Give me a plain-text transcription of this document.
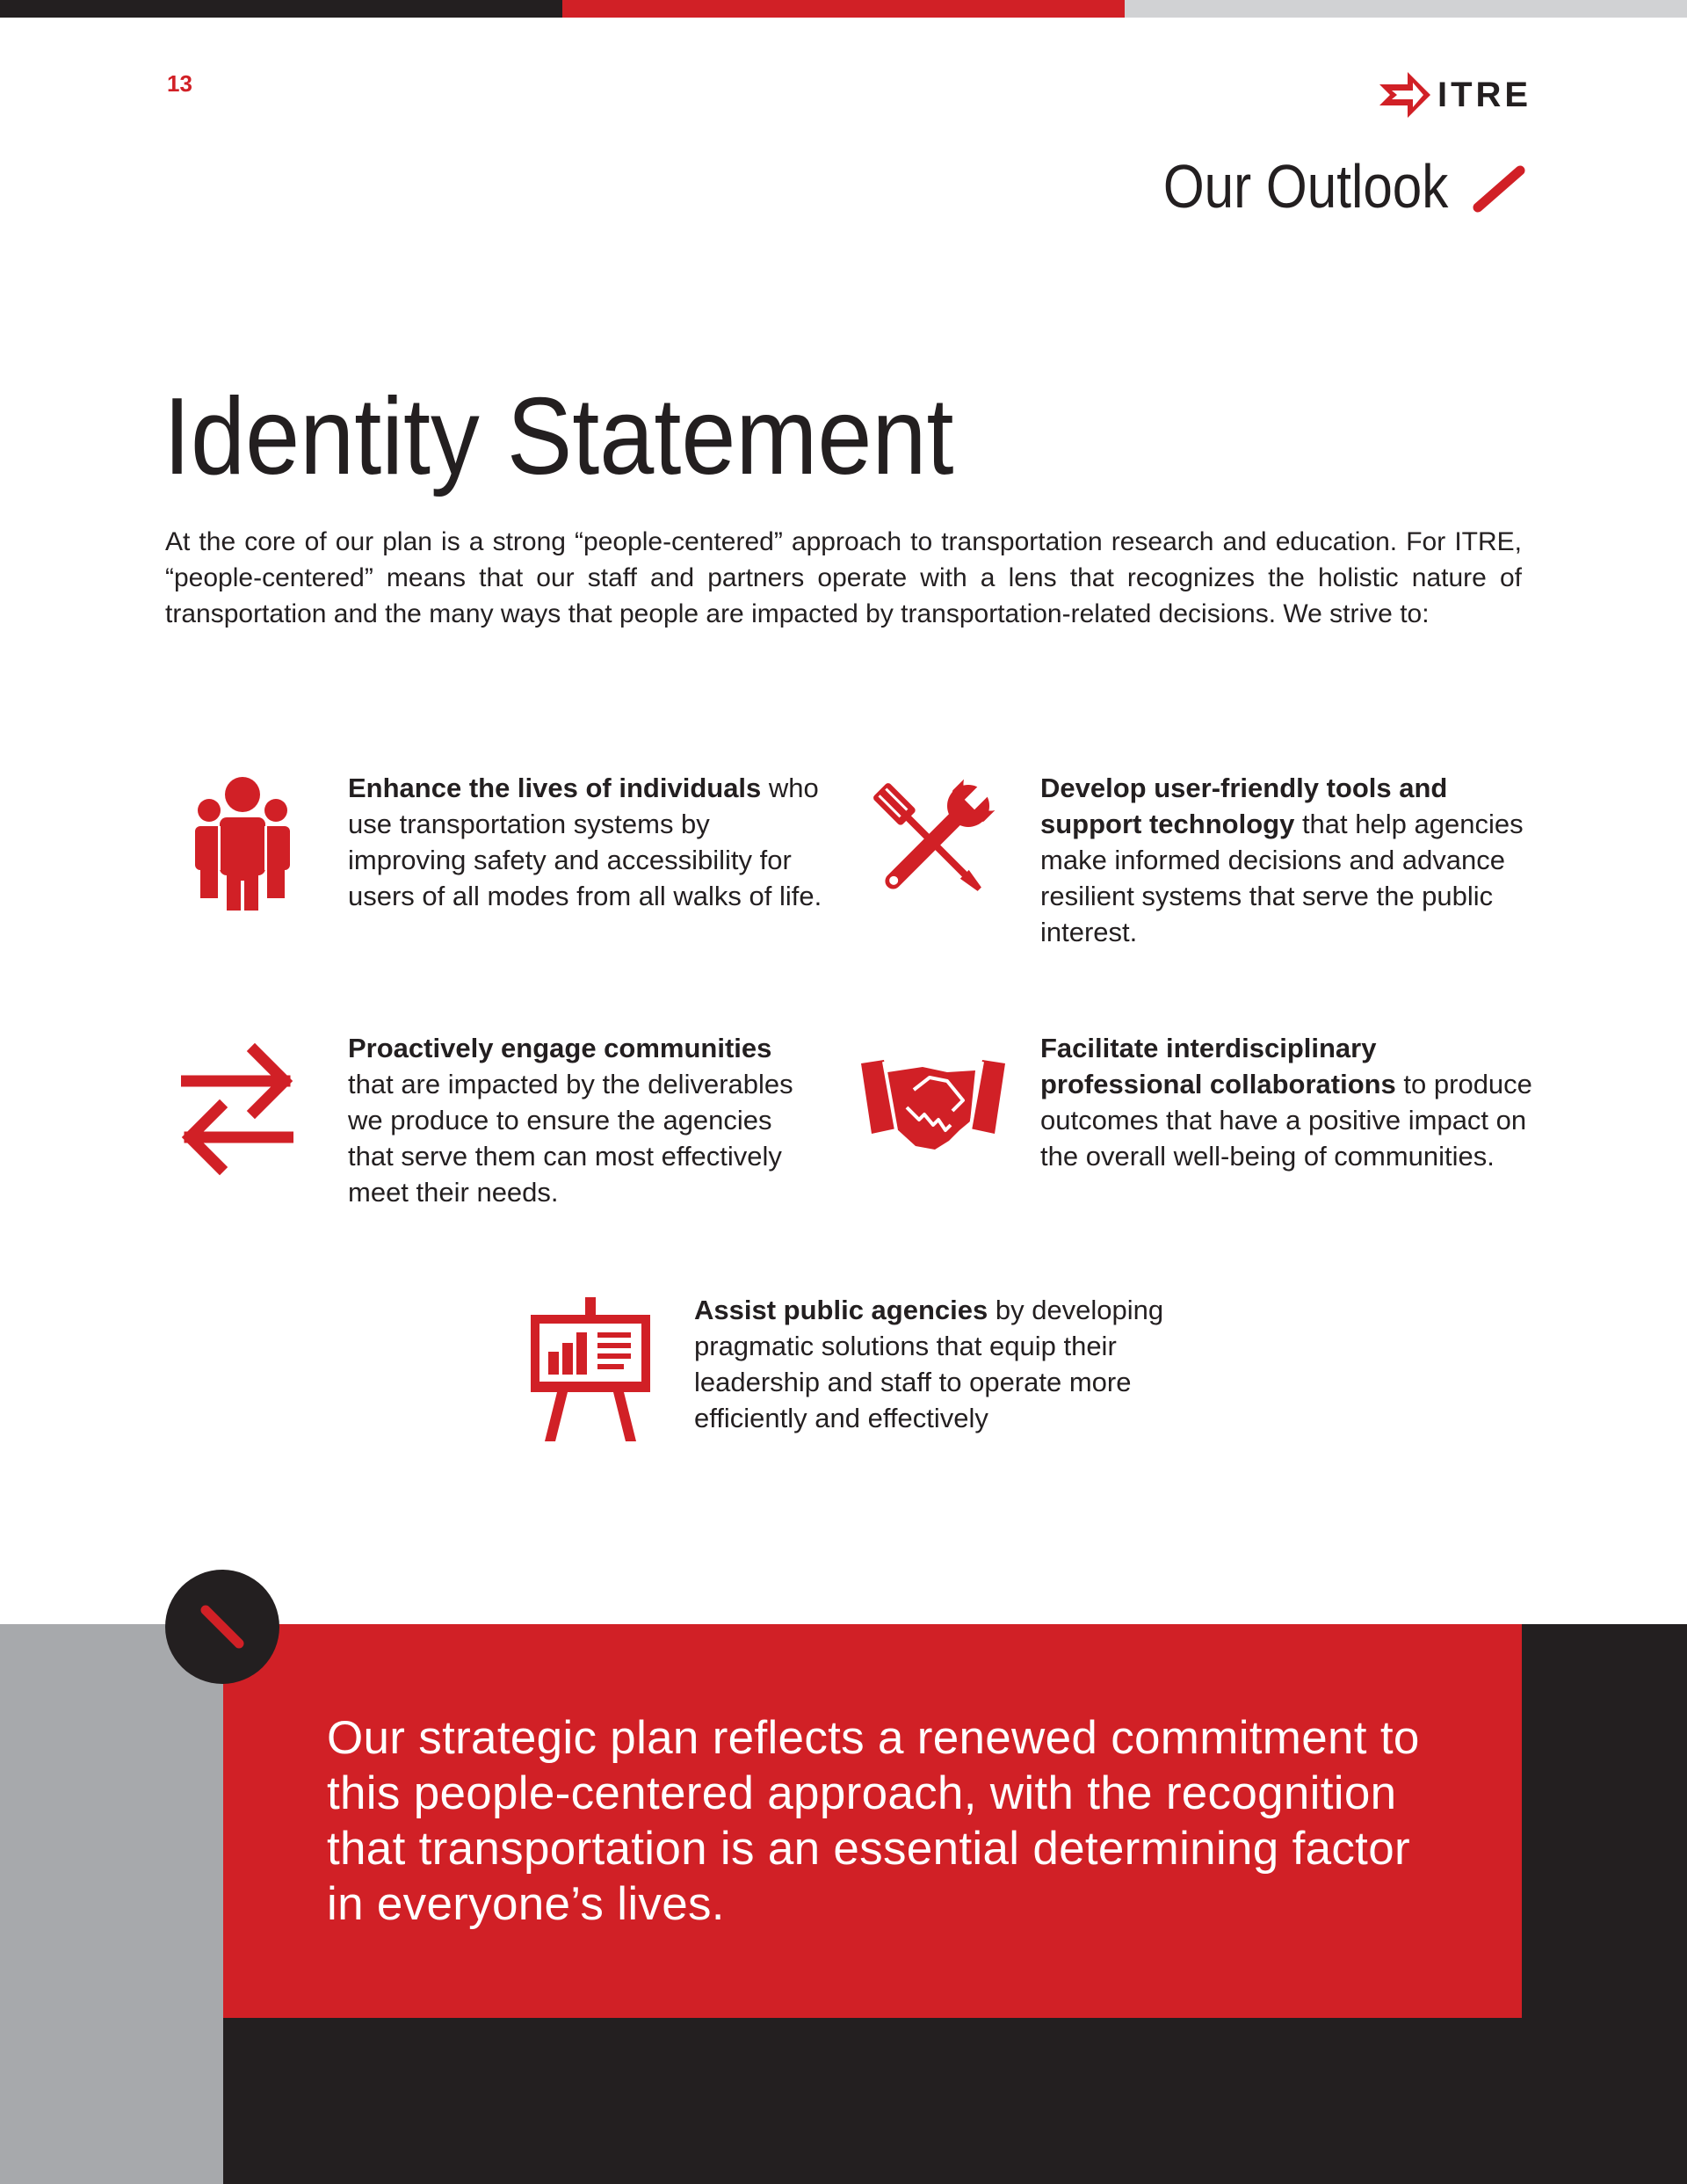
13	ITRE
Our Outlook
Identity Statement
At the core of our plan is a strong “people-centered” approach to transportation research and education. For ITRE, “people-centered” means that our staff and partners operate with a lens that recognizes the holistic nature of transportation and the many ways that people are impacted by transportation-related decisions. We strive to:
Enhance the lives of individuals who use transportation systems by improving safety and accessibility for users of all modes from all walks of life.
Develop user-friendly tools and support technology that help agencies make informed decisions and advance resilient systems that serve the public interest.
Proactively engage communities that are impacted by the deliverables we produce to ensure the agencies that serve them can most effectively meet their needs.
Facilitate interdisciplinary professional collaborations to produce outcomes that have a positive impact on the overall well-being of communities.
Assist public agencies by developing pragmatic solutions that equip their leadership and staff to operate more efficiently and effectively
Our strategic plan reflects a renewed commitment to this people-centered approach, with the recognition that transportation is an essential determining factor in everyone’s lives.
